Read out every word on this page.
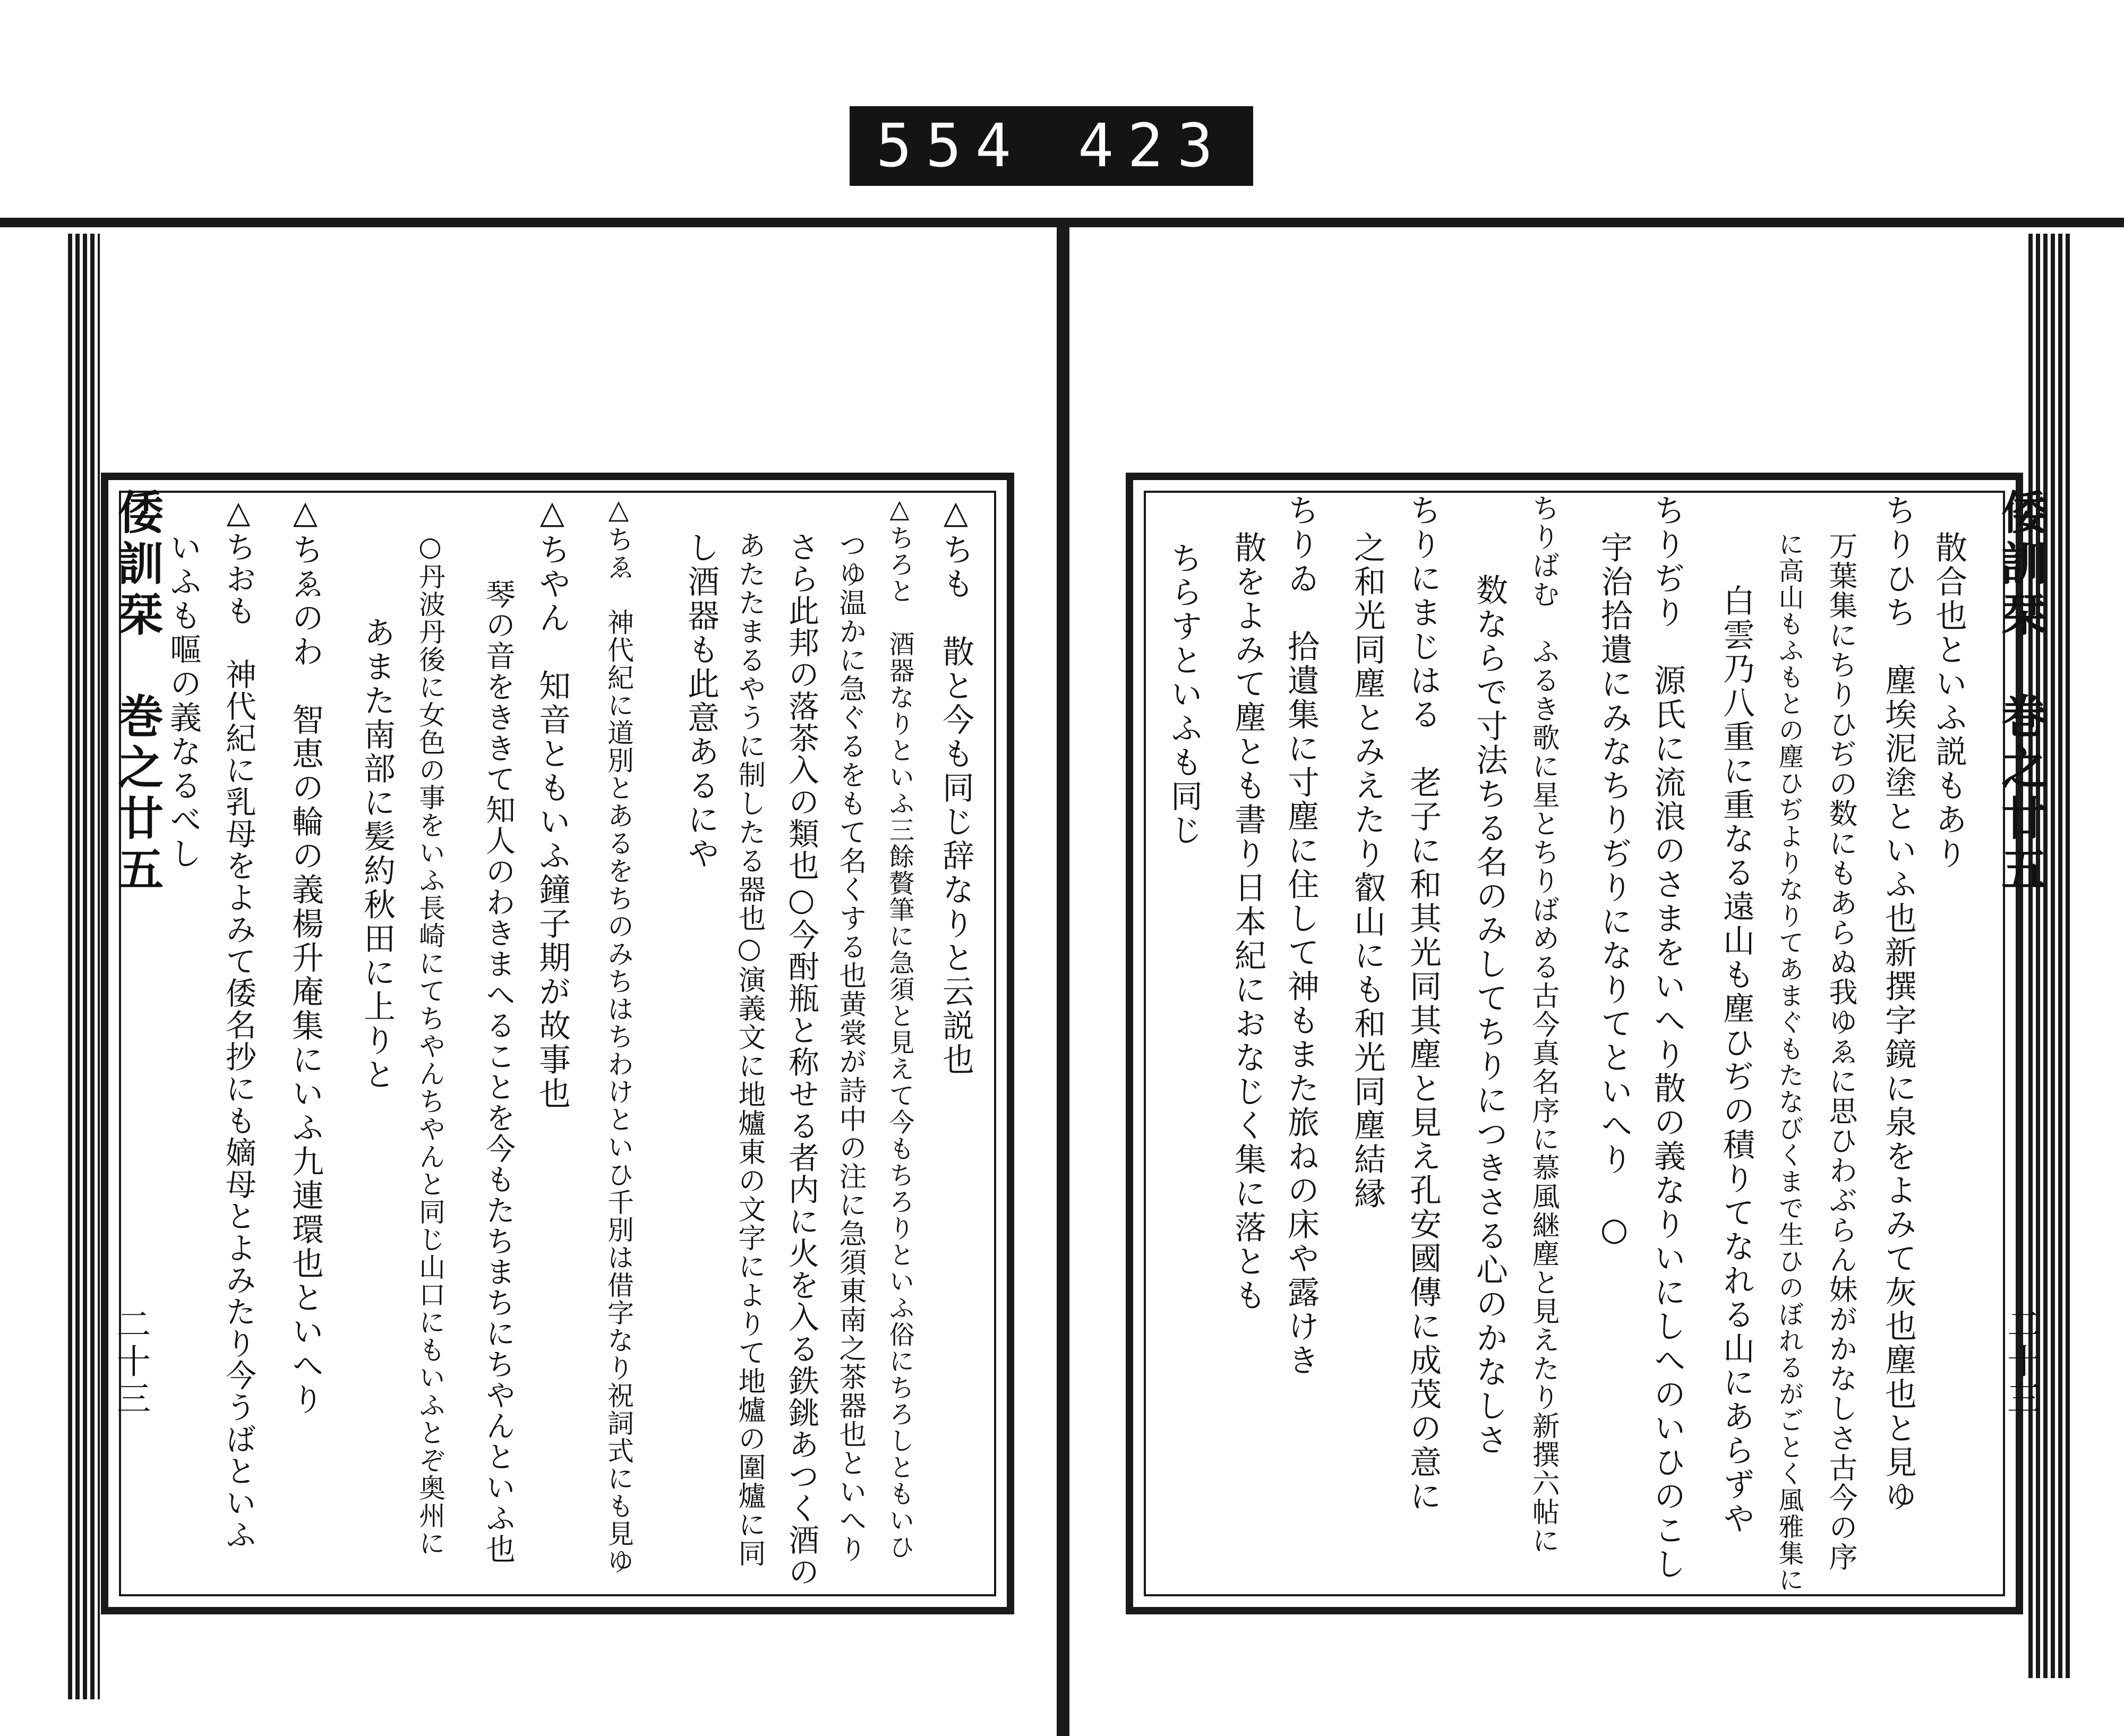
554 423
倭訓栞　巻之廿五
二十三
△ちも　散と今も同じ辞なりと云説也
△ちろと　酒器なりといふ三餘贅筆に急須と見えて今もちろりといふ俗にちろしともいひ
つゆ温かに急ぐるをもて名くする也黄裳が詩中の注に急須東南之茶器也といへり
さら此邦の落茶入の類也○今酎瓶と称せる者内に火を入る鉄銚あつく酒の
あたたまるやうに制したる器也○演義文に地爐東の文字によりて地爐の圍爐に同
し酒器も此意あるにや
△ちゑ　神代紀に道別とあるをちのみちはちわけといひ千別は借字なり祝詞式にも見ゆ
△ちやん　知音ともいふ鐘子期が故事也
琴の音をききて知人のわきまへることを今もたちまちにちやんといふ也
○丹波丹後に女色の事をいふ長崎にてちやんちやんと同じ山口にもいふとぞ奥州に
あまた南部に髪約秋田に上りと
△ちゑのわ　智恵の輪の義楊升庵集にいふ九連環也といへり
△ちおも　神代紀に乳母をよみて倭名抄にも嫡母とよみたり今うばといふ
いふも嘔の義なるべし	倭訓栞　巻之廿五
二十三
散合也といふ説もあり
ちりひち　塵埃泥塗といふ也新撰字鏡に泉をよみて灰也塵也と見ゆ
万葉集にちりひぢの数にもあらぬ我ゆゑに思ひわぶらん妹がかなしさ古今の序
に高山もふもとの塵ひぢよりなりてあまぐもたなびくまで生ひのぼれるがごとく風雅集に
白雲乃八重に重なる遠山も塵ひぢの積りてなれる山にあらずや
ちりぢり　源氏に流浪のさまをいへり散の義なりいにしへのいひのこし
宇治拾遺にみなちりぢりになりてといへり　○
ちりばむ　ふるき歌に星とちりばめる古今真名序に慕風継塵と見えたり新撰六帖に
数ならで寸法ちる名のみしてちりにつきさる心のかなしさ
ちりにまじはる　老子に和其光同其塵と見え孔安國傳に成茂の意に
之和光同塵とみえたり叡山にも和光同塵結縁
ちりゐ　拾遺集に寸塵に住して神もまた旅ねの床や露けき
散をよみて塵とも書り日本紀におなじく集に落とも
ちらすといふも同じ
